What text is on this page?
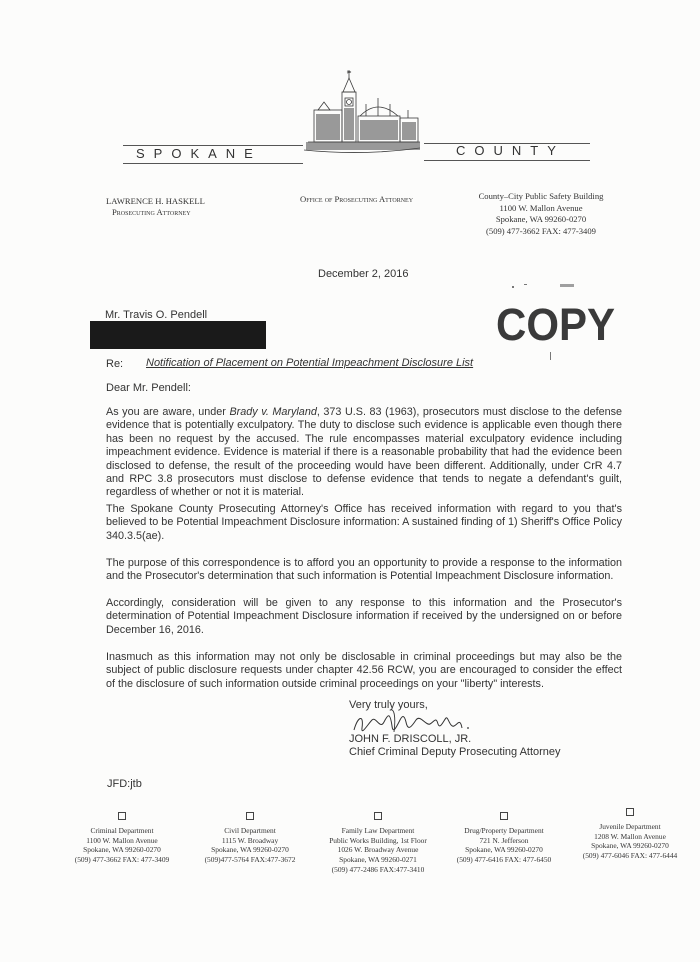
SPOKANE	COUNTY
LAWRENCE H. HASKELL
Prosecuting Attorney
Office of Prosecuting Attorney	County–City Public Safety Building
1100 W. Mallon Avenue
Spokane, WA 99260-0270
(509) 477-3662 FAX: 477-3409
December 2, 2016
Mr. Travis O. Pendell	COPY
Re: Notification of Placement on Potential Impeachment Disclosure List
Dear Mr. Pendell:
As you are aware, under Brady v. Maryland, 373 U.S. 83 (1963), prosecutors must disclose to the defense evidence that is potentially exculpatory. The duty to disclose such evidence is applicable even though there has been no request by the accused. The rule encompasses material exculpatory evidence including impeachment evidence. Evidence is material if there is a reasonable probability that had the evidence been disclosed to defense, the result of the proceeding would have been different. Additionally, under CrR 4.7 and RPC 3.8 prosecutors must disclose to defense evidence that tends to negate a defendant's guilt, regardless of whether or not it is material.
The Spokane County Prosecuting Attorney's Office has received information with regard to you that's believed to be Potential Impeachment Disclosure information: A sustained finding of 1) Sheriff's Office Policy 340.3.5(ae).
The purpose of this correspondence is to afford you an opportunity to provide a response to the information and the Prosecutor's determination that such information is Potential Impeachment Disclosure information.
Accordingly, consideration will be given to any response to this information and the Prosecutor's determination of Potential Impeachment Disclosure information if received by the undersigned on or before December 16, 2016.
Inasmuch as this information may not only be disclosable in criminal proceedings but may also be the subject of public disclosure requests under chapter 42.56 RCW, you are encouraged to consider the effect of the disclosure of such information outside criminal proceedings on your "liberty" interests.
Very truly yours,
JOHN F. DRISCOLL, JR.
Chief Criminal Deputy Prosecuting Attorney
JFD:jtb
Criminal Department
1100 W. Mallon Avenue
Spokane, WA 99260-0270
(509) 477-3662 FAX: 477-3409
Civil Department
1115 W. Broadway
Spokane, WA 99260-0270
(509)477-5764 FAX:477-3672
Family Law Department
Public Works Building, 1st Floor
1026 W. Broadway Avenue
Spokane, WA 99260-0271
(509) 477-2486 FAX:477-3410
Drug/Property Department
721 N. Jefferson
Spokane, WA 99260-0270
(509) 477-6416 FAX: 477-6450
Juvenile Department
1208 W. Mallon Avenue
Spokane, WA 99260-0270
(509) 477-6046 FAX: 477-6444
